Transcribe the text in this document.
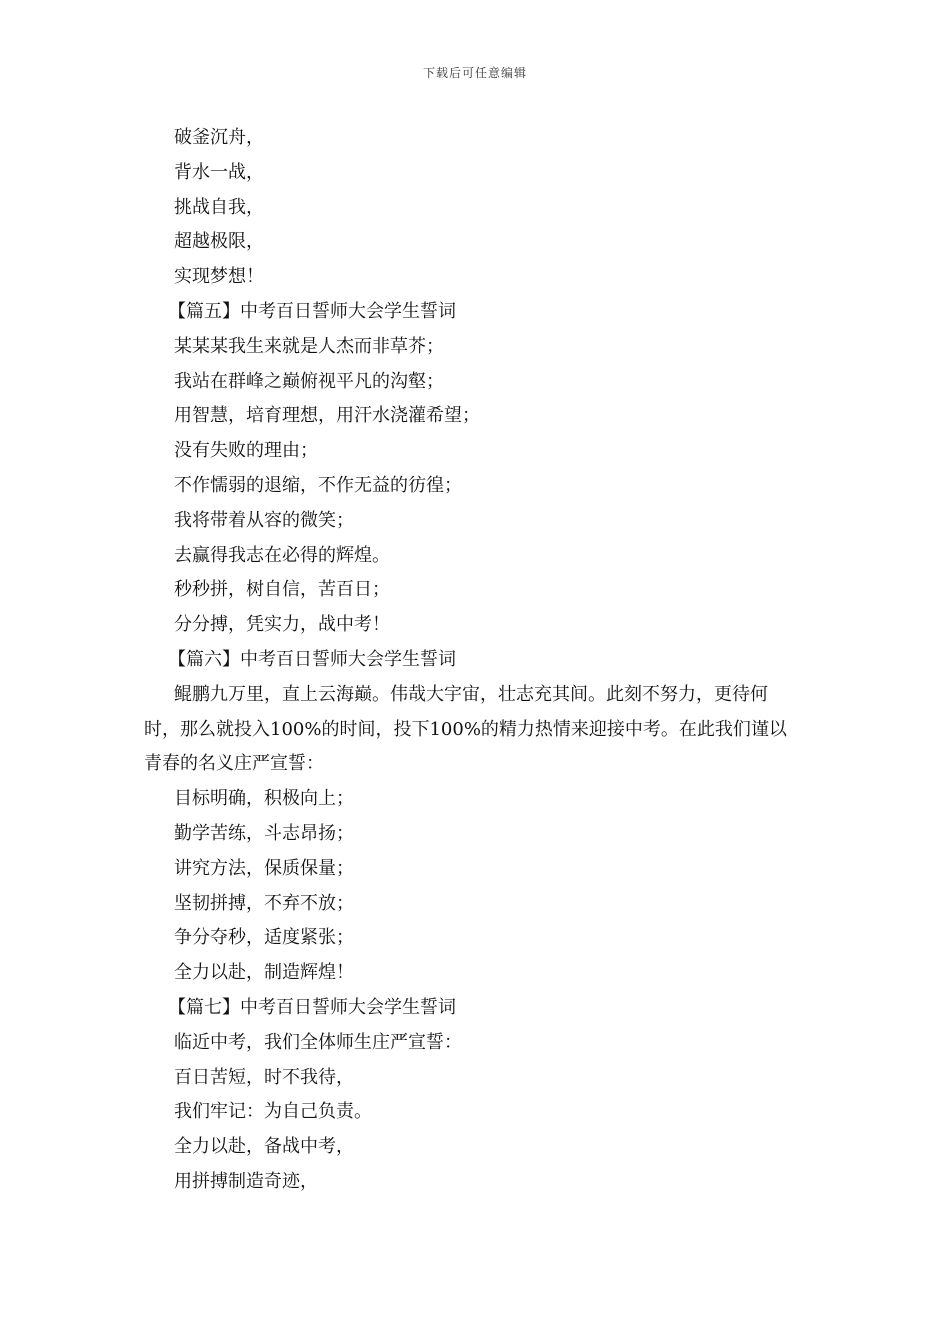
下载后可任意编辑

破釜沉舟，

背水一战，

挑战自我，

超越极限，

实现梦想！

【篇五】中考百日誓师大会学生誓词

某某某我生来就是人杰而非草芥；

我站在群峰之巅俯视平凡的沟壑；

用智慧，培育理想，用汗水浇灌希望；

没有失败的理由；

不作懦弱的退缩，不作无益的彷徨；

我将带着从容的微笑；

去赢得我志在必得的辉煌。

秒秒拼，树自信，苦百日；

分分搏，凭实力，战中考！

【篇六】中考百日誓师大会学生誓词

鲲鹏九万里，直上云海巅。伟哉大宇宙，壮志充其间。此刻不努力，更待何

时，那么就投入100%的时间，投下100%的精力热情来迎接中考。在此我们谨以

青春的名义庄严宣誓：

目标明确，积极向上；

勤学苦练，斗志昂扬；

讲究方法，保质保量；

坚韧拼搏，不弃不放；

争分夺秒，适度紧张；

全力以赴，制造辉煌！

【篇七】中考百日誓师大会学生誓词

临近中考，我们全体师生庄严宣誓：

百日苦短，时不我待，

我们牢记：为自己负责。

全力以赴，备战中考，

用拼搏制造奇迹，
